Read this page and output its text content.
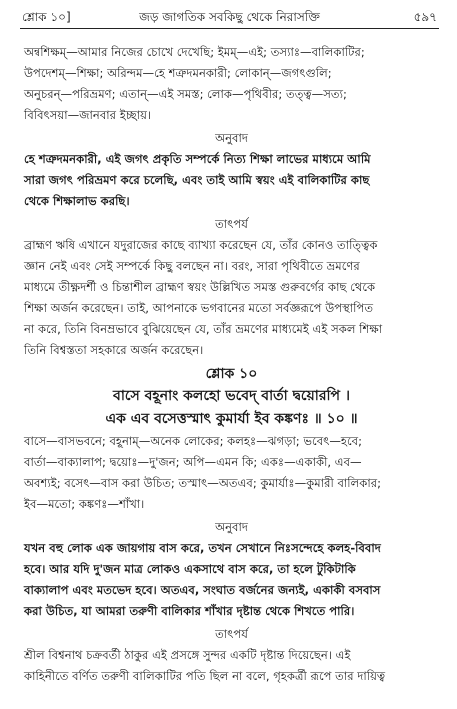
শ্লোক ১০]	জড় জাগতিক সবকিছু থেকে নিরাসক্তি	৫৯৭
অন্বশিক্ষম্—আমার নিজের চোখে দেখেছি; ইমম্—এই; তস্যাঃ—বালিকাটির;
উপদেশম্—শিক্ষা; অরিন্দম—হে শত্রুদমনকারী; লোকান্—জগৎগুলি;
অনুচরন্—পরিভ্রমণ; এতান্—এই সমস্ত; লোক—পৃথিবীর; তত্ত্ব—সত্য;
বিবিৎসয়া—জানবার ইচ্ছায়।
অনুবাদ
হে শত্রুদমনকারী, এই জগৎ প্রকৃতি সম্পর্কে নিত্য শিক্ষা লাভের মাধ্যমে আমি
সারা জগৎ পরিভ্রমণ করে চলেছি, এবং তাই আমি স্বয়ং এই বালিকাটির কাছ
থেকে শিক্ষালাভ করছি।
তাৎপর্য
ব্রাহ্মণ ঋষি এখানে যদুরাজের কাছে ব্যাখ্যা করেছেন যে, তাঁর কোনও তাত্ত্বিক
জ্ঞান নেই এবং সেই সম্পর্কে কিছু বলছেন না। বরং, সারা পৃথিবীতে ভ্রমণের
মাধ্যমে তীক্ষ্ণদর্শী ও চিন্তাশীল ব্রাহ্মণ স্বয়ং উল্লিখিত সমস্ত গুরুবর্গের কাছ থেকে
শিক্ষা অর্জন করেছেন। তাই, আপনাকে ভগবানের মতো সর্বজ্ঞরূপে উপস্থাপিত
না করে, তিনি বিনম্রভাবে বুঝিয়েছেন যে, তাঁর ভ্রমণের মাধ্যমেই এই সকল শিক্ষা
তিনি বিশ্বস্ততা সহকারে অর্জন করেছেন।
শ্লোক ১০
বাসে বহূনাং কলহো ভবেদ্ বার্তা দ্বয়োরপি ।
এক এব বসেত্তস্মাৎ কুমার্যা ইব কঙ্কণঃ ॥ ১০ ॥
বাসে—বাসভবনে; বহূনাম্—অনেক লোকের; কলহঃ—ঝগড়া; ভবেৎ—হবে;
বার্তা—বাক্যালাপ; দ্বয়োঃ—দু'জন; অপি—এমন কি; একঃ—একাকী, এব—
অবশ্যই; বসেৎ—বাস করা উচিত; তস্মাৎ—অতএব; কুমার্যাঃ—কুমারী বালিকার;
ইব—মতো; কঙ্কণঃ—শাঁখা।
অনুবাদ
যখন বহু লোক এক জায়গায় বাস করে, তখন সেখানে নিঃসন্দেহে কলহ-বিবাদ
হবে। আর যদি দু'জন মাত্র লোকও একসাথে বাস করে, তা হলে টুকিটাকি
বাক্যালাপ এবং মতভেদ হবে। অতএব, সংঘাত বর্জনের জন্যই, একাকী বসবাস
করা উচিত, যা আমরা তরুণী বালিকার শাঁখার দৃষ্টান্ত থেকে শিখতে পারি।
তাৎপর্য
শ্রীল বিশ্বনাথ চক্রবর্তী ঠাকুর এই প্রসঙ্গে সুন্দর একটি দৃষ্টান্ত দিয়েছেন। এই
কাহিনীতে বর্ণিত তরুণী বালিকাটির পতি ছিল না বলে, গৃহকর্ত্রী রূপে তার দায়িত্ব
